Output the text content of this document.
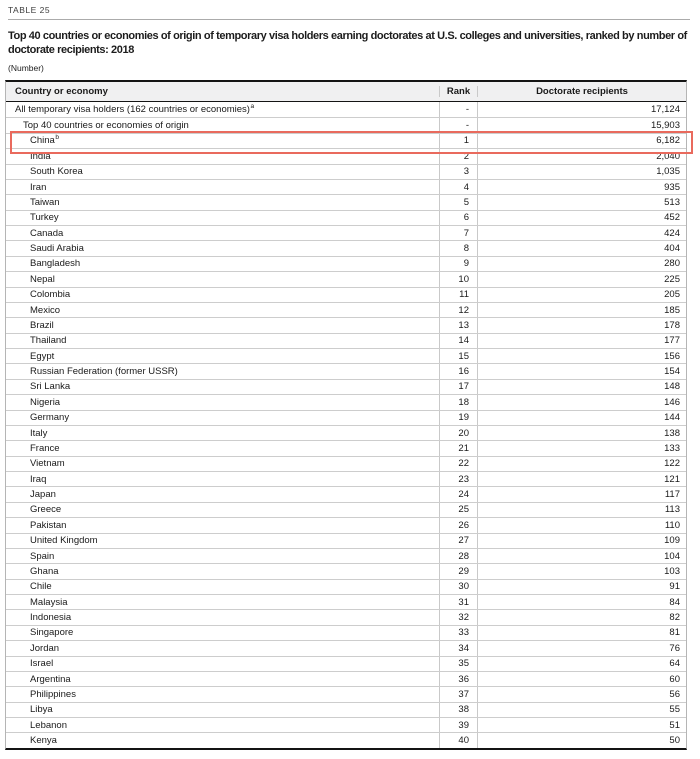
TABLE 25
Top 40 countries or economies of origin of temporary visa holders earning doctorates at U.S. colleges and universities, ranked by number of doctorate recipients: 2018
(Number)
Country or economy	Rank	Doctorate recipients
All temporary visa holders (162 countries or economies)$^a$	-	17,124
Top 40 countries or economies of origin	-	15,903
China$^b$	1	6,182
India	2	2,040
South Korea	3	1,035
Iran	4	935
Taiwan	5	513
Turkey	6	452
Canada	7	424
Saudi Arabia	8	404
Bangladesh	9	280
Nepal	10	225
Colombia	11	205
Mexico	12	185
Brazil	13	178
Thailand	14	177
Egypt	15	156
Russian Federation (former USSR)	16	154
Sri Lanka	17	148
Nigeria	18	146
Germany	19	144
Italy	20	138
France	21	133
Vietnam	22	122
Iraq	23	121
Japan	24	117
Greece	25	113
Pakistan	26	110
United Kingdom	27	109
Spain	28	104
Ghana	29	103
Chile	30	91
Malaysia	31	84
Indonesia	32	82
Singapore	33	81
Jordan	34	76
Israel	35	64
Argentina	36	60
Philippines	37	56
Libya	38	55
Lebanon	39	51
Kenya	40	50
